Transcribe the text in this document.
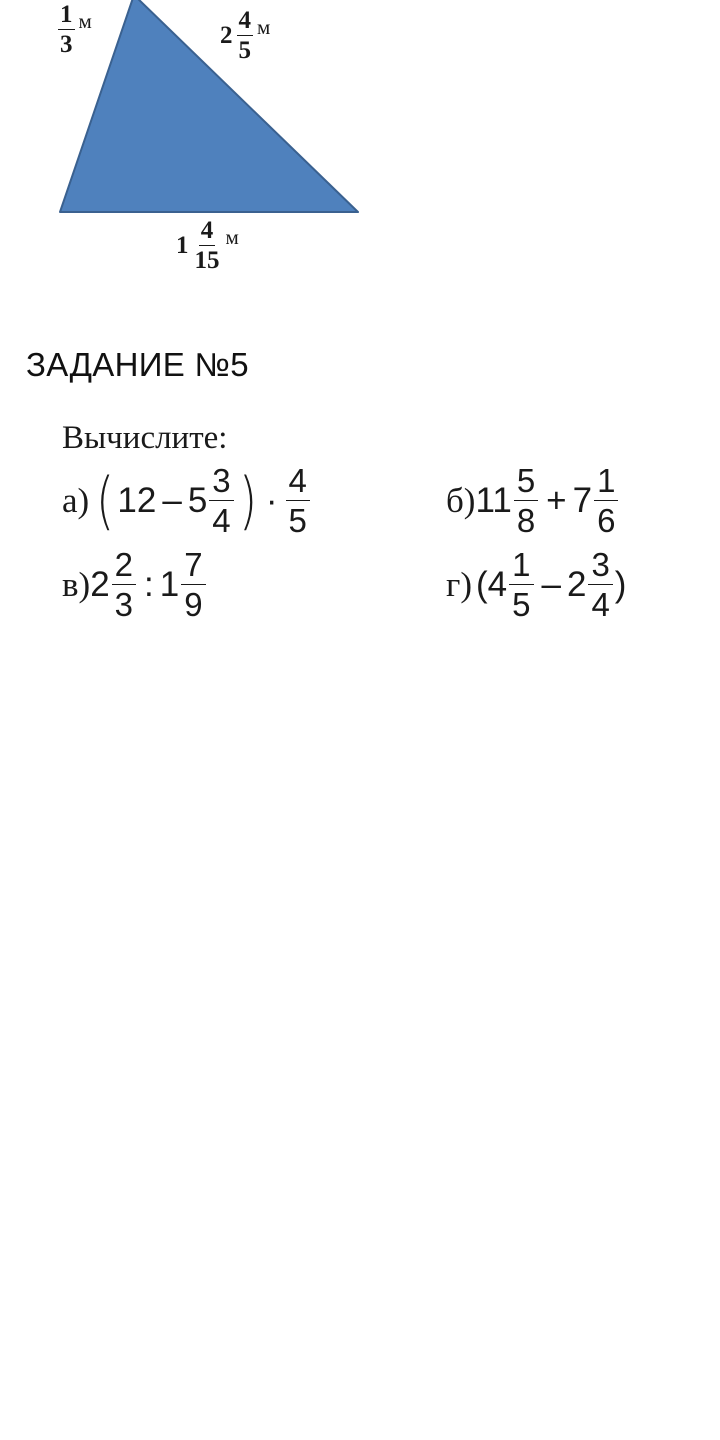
$\frac{1}{3}$ м
$2 \frac{4}{5}$ м
$1 \frac{4}{15}$ м
ЗАДАНИЕ №5
Вычислите:
а) ( $12 - 5 \frac{3}{4}$ ) · $\frac{4}{5}$	б) $11 \frac{5}{8} + 7 \frac{1}{6}$
в) $2 \frac{2}{3}$ : $1 \frac{7}{9}$	г) ( $4 \frac{1}{5} - 2 \frac{3}{4}$ )
